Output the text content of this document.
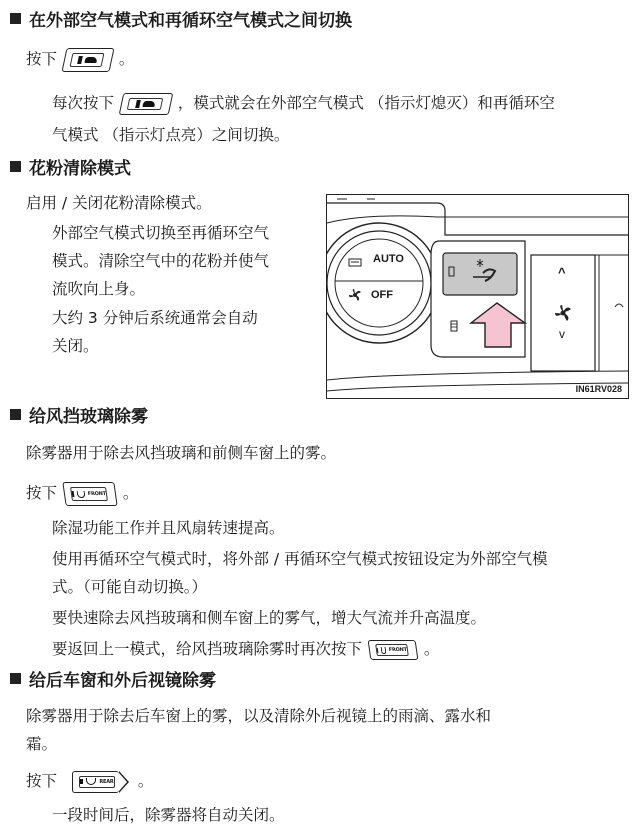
在外部空气模式和再循环空气模式之间切换
按下	。
每次按下	，模式就会在外部空气模式 （指示灯熄灭）和再循环空
气模式 （指示灯点亮）之间切换。
花粉清除模式
启用 / 关闭花粉清除模式。
外部空气模式切换至再循环空气
模式。清除空气中的花粉并使气
流吹向上身。
大约 3 分钟后系统通常会自动
关闭。
AUTO
OFF
^
v
IN61RV028
给风挡玻璃除雾
除雾器用于除去风挡玻璃和前侧车窗上的雾。
按下	FRONT 。
除湿功能工作并且风扇转速提高。
使用再循环空气模式时，将外部 / 再循环空气模式按钮设定为外部空气模
式。（可能自动切换。）
要快速除去风挡玻璃和侧车窗上的雾气，增大气流并升高温度。
要返回上一模式，给风挡玻璃除雾时再次按下	FRONT 。
给后车窗和外后视镜除雾
除雾器用于除去后车窗上的雾，以及清除外后视镜上的雨滴、露水和
霜。
按下	REAR 。
一段时间后，除雾器将自动关闭。
